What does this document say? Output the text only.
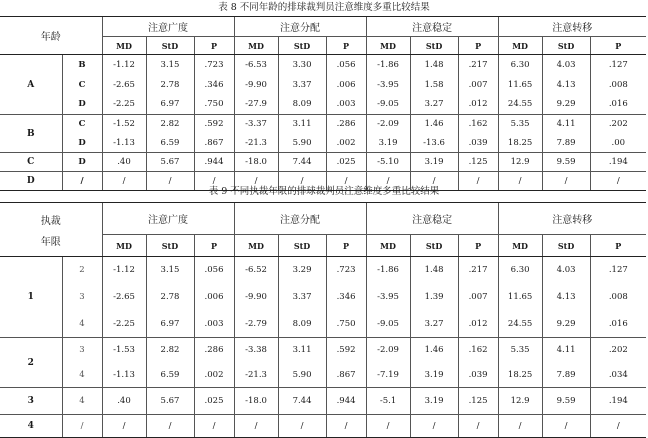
表 8 不同年龄的排球裁判员注意维度多重比较结果
年龄		注意广度			注意分配			注意稳定			注意转移		
		MD	StD	P	MD	StD	P	MD	StD	P	MD	StD	P
A	B	-1.12	3.15	.723	-6.53	3.30	.056	-1.86	1.48	.217	6.30	4.03	.127
	C	-2.65	2.78	.346	-9.90	3.37	.006	-3.95	1.58	.007	11.65	4.13	.008
	D	-2.25	6.97	.750	-27.9	8.09	.003	-9.05	3.27	.012	24.55	9.29	.016
B	C	-1.52	2.82	.592	-3.37	3.11	.286	-2.09	1.46	.162	5.35	4.11	.202
	D	-1.13	6.59	.867	-21.3	5.90	.002	3.19	-13.6	.039	18.25	7.89	.00
C	D	.40	5.67	.944	-18.0	7.44	.025	-5.10	3.19	.125	12.9	9.59	.194
D	/	/	/	/	/	/	/	/	/	/	/	/	/
表 9 不同执裁年限的排球裁判员注意维度多重比较结果
执裁
年限		注意广度			注意分配			注意稳定			注意转移		
		MD	StD	P	MD	StD	P	MD	StD	P	MD	StD	P
1	2	-1.12	3.15	.056	-6.52	3.29	.723	-1.86	1.48	.217	6.30	4.03	.127
	3	-2.65	2.78	.006	-9.90	3.37	.346	-3.95	1.39	.007	11.65	4.13	.008
	4	-2.25	6.97	.003	-2.79	8.09	.750	-9.05	3.27	.012	24.55	9.29	.016
2	3	-1.53	2.82	.286	-3.38	3.11	.592	-2.09	1.46	.162	5.35	4.11	.202
	4	-1.13	6.59	.002	-21.3	5.90	.867	-7.19	3.19	.039	18.25	7.89	.034
3	4	.40	5.67	.025	-18.0	7.44	.944	-5.1	3.19	.125	12.9	9.59	.194
4	/	/	/	/	/	/	/	/	/	/	/	/	/
